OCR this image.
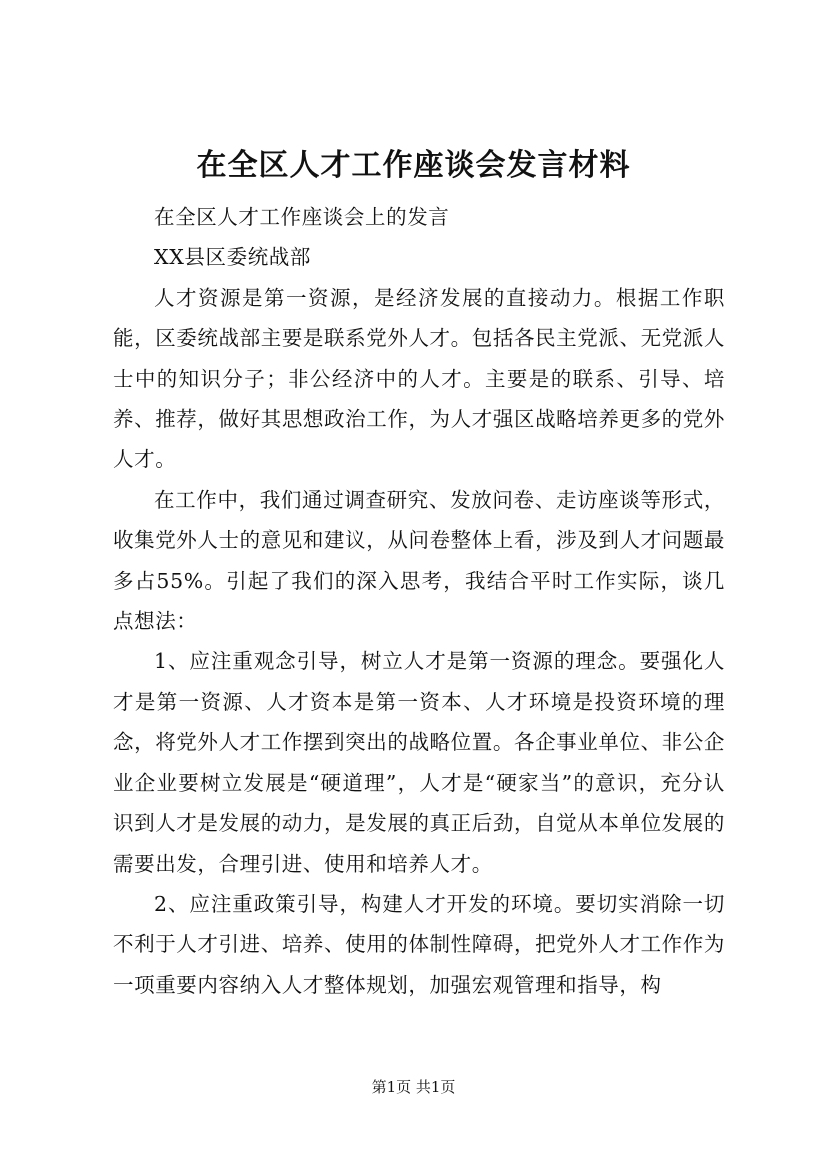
在全区人才工作座谈会发言材料

在全区人才工作座谈会上的发言

XX县区委统战部

人才资源是第一资源，是经济发展的直接动力。根据工作职能，区委统战部主要是联系党外人才。包括各民主党派、无党派人士中的知识分子；非公经济中的人才。主要是的联系、引导、培养、推荐，做好其思想政治工作，为人才强区战略培养更多的党外人才。

在工作中，我们通过调查研究、发放问卷、走访座谈等形式，收集党外人士的意见和建议，从问卷整体上看，涉及到人才问题最多占55%。引起了我们的深入思考，我结合平时工作实际，谈几点想法：

1、应注重观念引导，树立人才是第一资源的理念。要强化人才是第一资源、人才资本是第一资本、人才环境是投资环境的理念，将党外人才工作摆到突出的战略位置。各企事业单位、非公企业企业要树立发展是“硬道理”，人才是“硬家当”的意识，充分认识到人才是发展的动力，是发展的真正后劲，自觉从本单位发展的需要出发，合理引进、使用和培养人才。

2、应注重政策引导，构建人才开发的环境。要切实消除一切不利于人才引进、培养、使用的体制性障碍，把党外人才工作作为一项重要内容纳入人才整体规划，加强宏观管理和指导，构

第1页 共1页
